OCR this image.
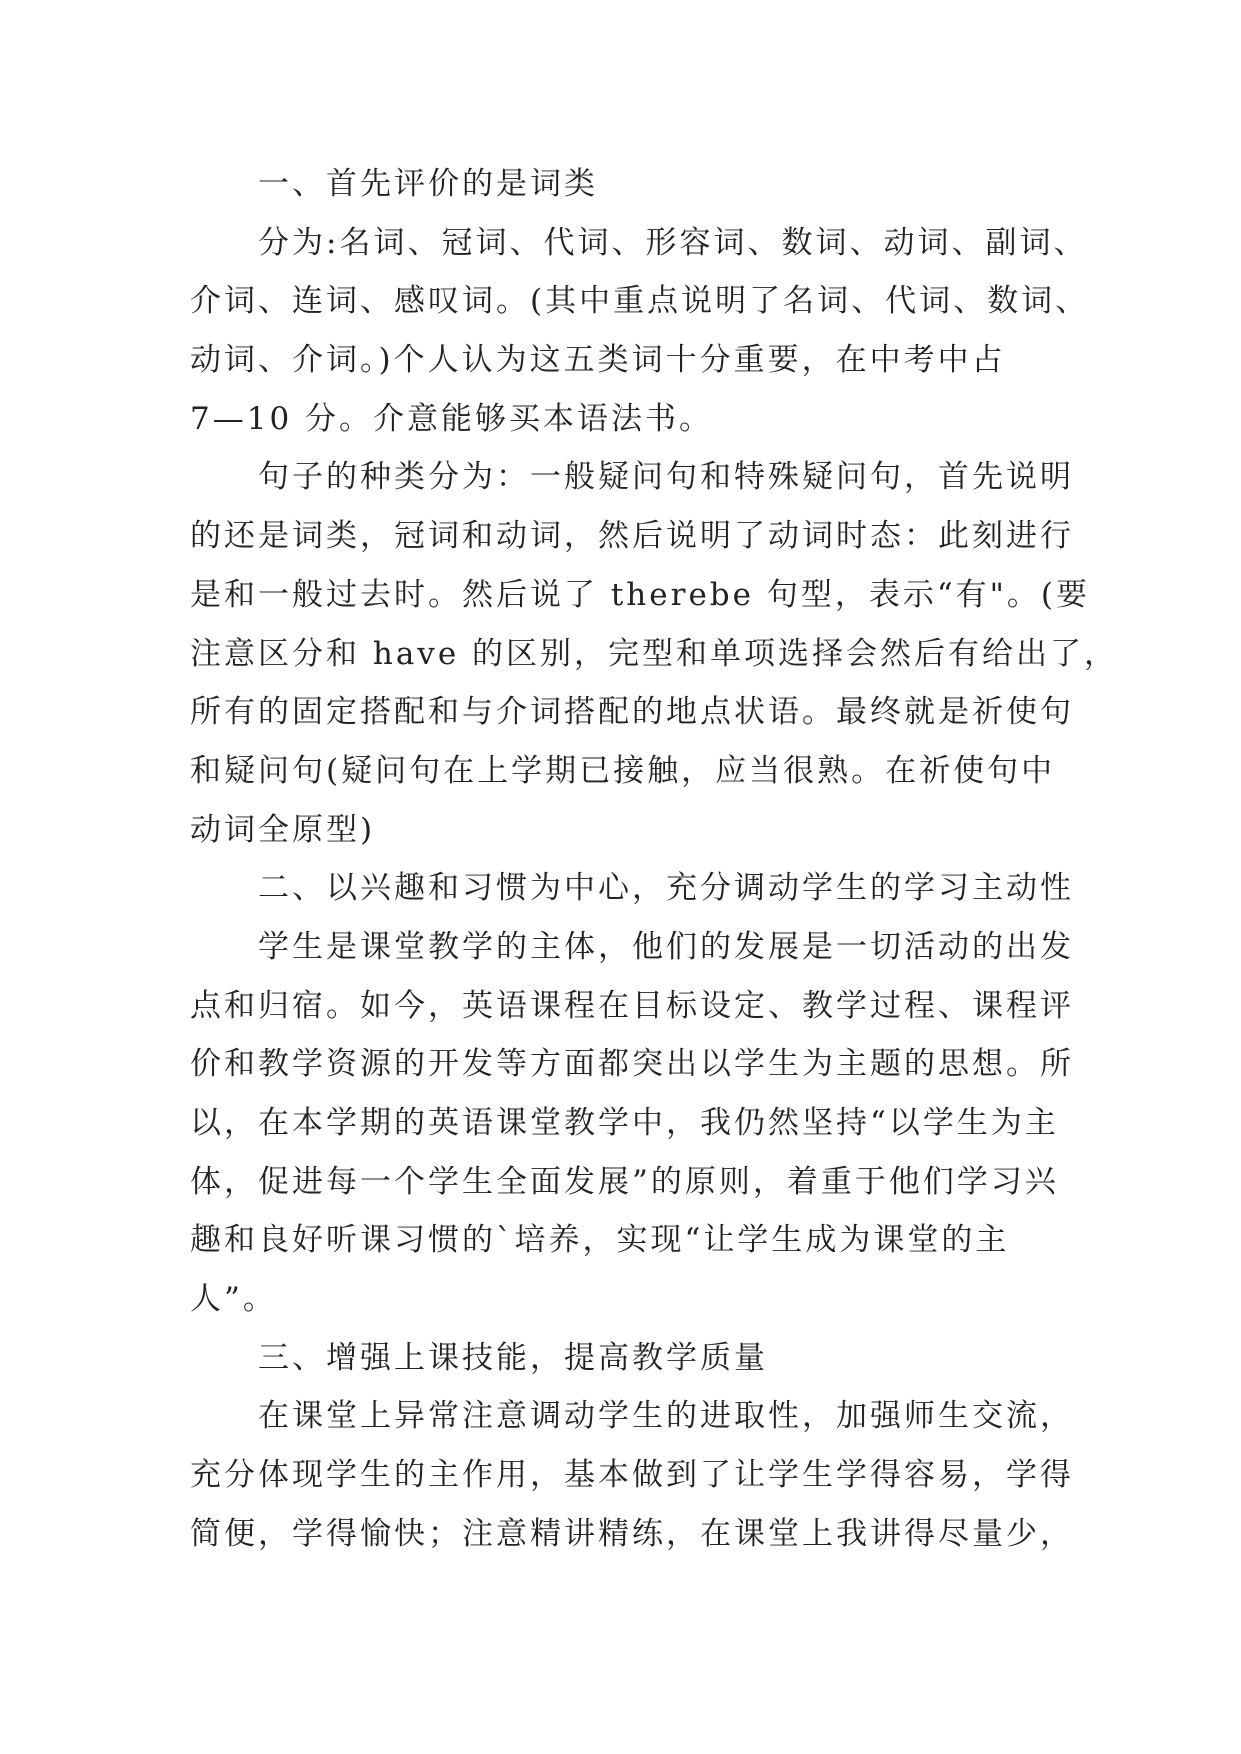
一、首先评价的是词类
分为:名词、冠词、代词、形容词、数词、动词、副词、
介词、连词、感叹词。(其中重点说明了名词、代词、数词、
动词、介词。)个人认为这五类词十分重要，在中考中占
7—10 分。介意能够买本语法书。
句子的种类分为：一般疑问句和特殊疑问句，首先说明
的还是词类，冠词和动词，然后说明了动词时态：此刻进行
是和一般过去时。然后说了 therebe 句型，表示“有"。(要
注意区分和 have 的区别，完型和单项选择会然后有给出了，
所有的固定搭配和与介词搭配的地点状语。最终就是祈使句
和疑问句(疑问句在上学期已接触，应当很熟。在祈使句中
动词全原型)
二、以兴趣和习惯为中心，充分调动学生的学习主动性
学生是课堂教学的主体，他们的发展是一切活动的出发
点和归宿。如今，英语课程在目标设定、教学过程、课程评
价和教学资源的开发等方面都突出以学生为主题的思想。所
以，在本学期的英语课堂教学中，我仍然坚持“以学生为主
体，促进每一个学生全面发展”的原则，着重于他们学习兴
趣和良好听课习惯的`培养，实现“让学生成为课堂的主
人”。
三、增强上课技能，提高教学质量
在课堂上异常注意调动学生的进取性，加强师生交流，
充分体现学生的主作用，基本做到了让学生学得容易，学得
简便，学得愉快；注意精讲精练，在课堂上我讲得尽量少，
